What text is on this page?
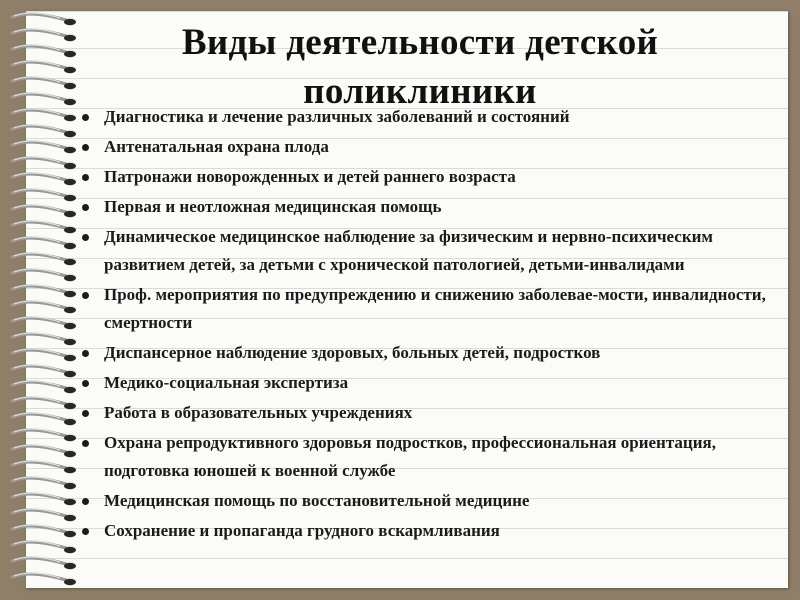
Виды деятельности детской
поликлиники
Диагностика и лечение различных заболеваний и состояний
Антенатальная охрана плода
Патронажи новорожденных и детей раннего возраста
Первая и неотложная медицинская помощь
Динамическое медицинское наблюдение за физическим и нервно-психическим развитием детей, за детьми с хронической патологией, детьми-инвалидами
Проф. мероприятия по предупреждению и снижению заболевае-мости, инвалидности, смертности
Диспансерное наблюдение здоровых, больных детей, подростков
Медико-социальная экспертиза
Работа в образовательных учреждениях
Охрана репродуктивного здоровья подростков, профессиональная ориентация, подготовка юношей к военной службе
Медицинская помощь по восстановительной медицине
Сохранение и пропаганда грудного вскармливания
